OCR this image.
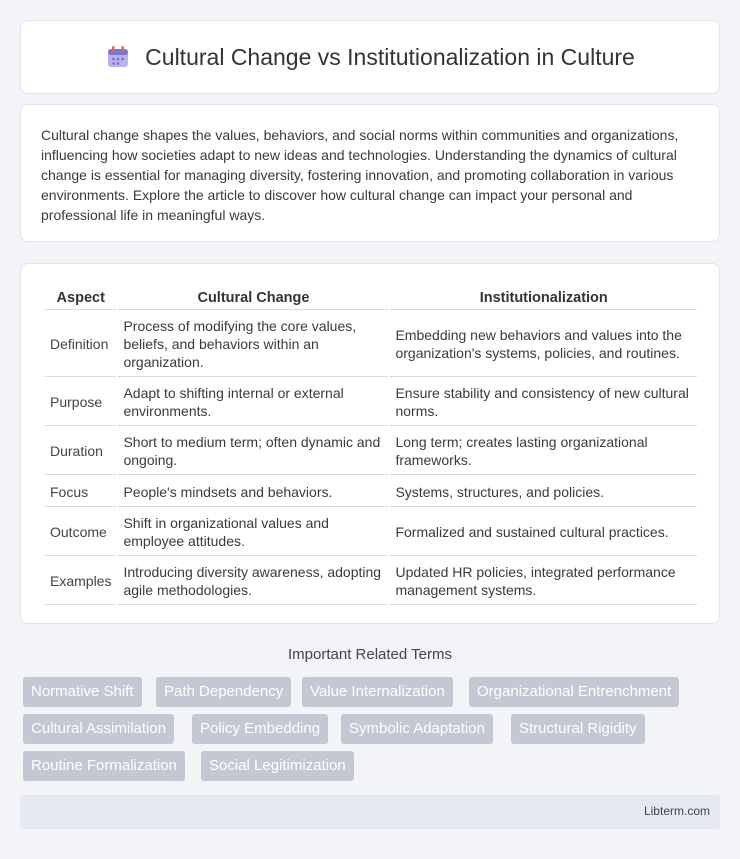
Cultural Change vs Institutionalization in Culture

Cultural change shapes the values, behaviors, and social norms within communities and organizations, influencing how societies adapt to new ideas and technologies. Understanding the dynamics of cultural change is essential for managing diversity, fostering innovation, and promoting collaboration in various environments. Explore the article to discover how cultural change can impact your personal and professional life in meaningful ways.

Aspect	Cultural Change	Institutionalization
Definition	Process of modifying the core values, beliefs, and behaviors within an organization.	Embedding new behaviors and values into the organization's systems, policies, and routines.
Purpose	Adapt to shifting internal or external environments.	Ensure stability and consistency of new cultural norms.
Duration	Short to medium term; often dynamic and ongoing.	Long term; creates lasting organizational frameworks.
Focus	People's mindsets and behaviors.	Systems, structures, and policies.
Outcome	Shift in organizational values and employee attitudes.	Formalized and sustained cultural practices.
Examples	Introducing diversity awareness, adopting agile methodologies.	Updated HR policies, integrated performance management systems.
Important Related Terms
Normative Shift	Path Dependency	Value Internalization	Organizational Entrenchment
Cultural Assimilation	Policy Embedding	Symbolic Adaptation	Structural Rigidity
Routine Formalization	Social Legitimization
Libterm.com
